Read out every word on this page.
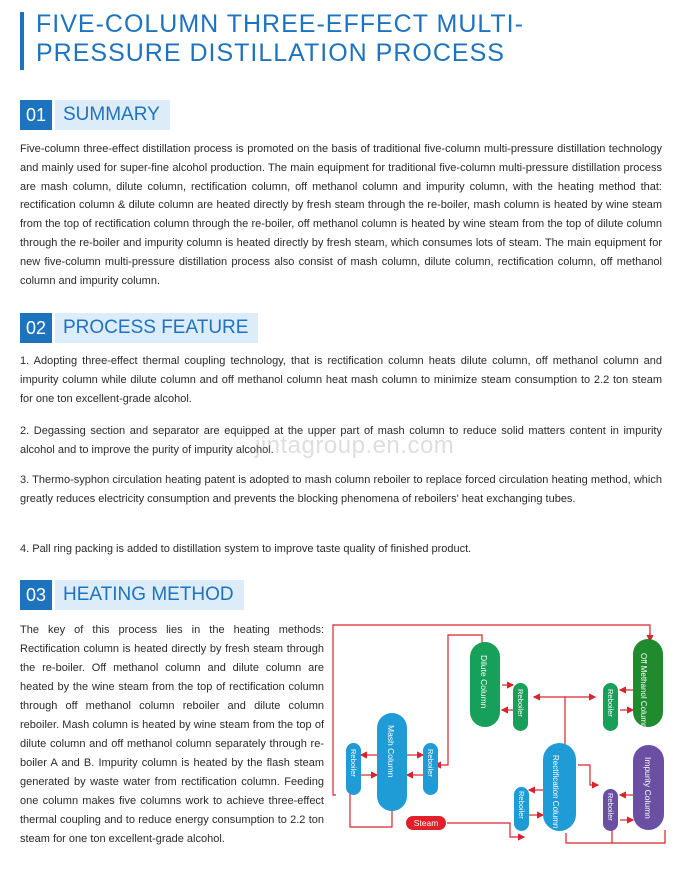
FIVE-COLUMN THREE-EFFECT MULTI-PRESSURE DISTILLATION PROCESS
01 SUMMARY
Five-column three-effect distillation process is promoted on the basis of traditional five-column multi-pressure distillation technology and mainly used for super-fine alcohol production. The main equipment for traditional five-column multi-pressure distillation process are mash column, dilute column, rectification column, off methanol column and impurity column, with the heating method that: rectification column & dilute column are heated directly by fresh steam through the re-boiler, mash column is heated by wine steam from the top of rectification column through the re-boiler, off methanol column is heated by wine steam from the top of dilute column through the re-boiler and impurity column is heated directly by fresh steam, which consumes lots of steam. The main equipment for new five-column multi-pressure distillation process also consist of mash column, dilute column, rectification column, off methanol column and impurity column.
02 PROCESS FEATURE
1. Adopting three-effect thermal coupling technology, that is rectification column heats dilute column, off methanol column and impurity column while dilute column and off methanol column heat mash column to minimize steam consumption to 2.2 ton steam for one ton excellent-grade alcohol.
2. Degassing section and separator are equipped at the upper part of mash column to reduce solid matters content in impurity alcohol and to improve the purity of impurity alcohol.
3. Thermo-syphon circulation heating patent is adopted to mash column reboiler to replace forced circulation heating method, which greatly reduces electricity consumption and prevents the blocking phenomena of reboilers' heat exchanging tubes.
4. Pall ring packing is added to distillation system to improve taste quality of finished product.
jintagroup.en.com
03 HEATING METHOD
The key of this process lies in the heating methods: Rectification column is heated directly by fresh steam through the re-boiler. Off methanol column and dilute column are heated by the wine steam from the top of rectification column through off methanol column reboiler and dilute column reboiler. Mash column is heated by wine steam from the top of dilute column and off methanol column separately through re-boiler A and B. Impurity column is heated by the flash steam generated by waste water from rectification column. Feeding one column makes five columns work to achieve three-effect thermal coupling and to reduce energy consumption to 2.2 ton steam for one ton excellent-grade alcohol.
Mash Column
Reboiler	Reboiler
Dilute Column	Reboiler
Rectification Column
Reboiler
Off Methanol Column
Reboiler
Impurity Column
Reboiler
Steam
